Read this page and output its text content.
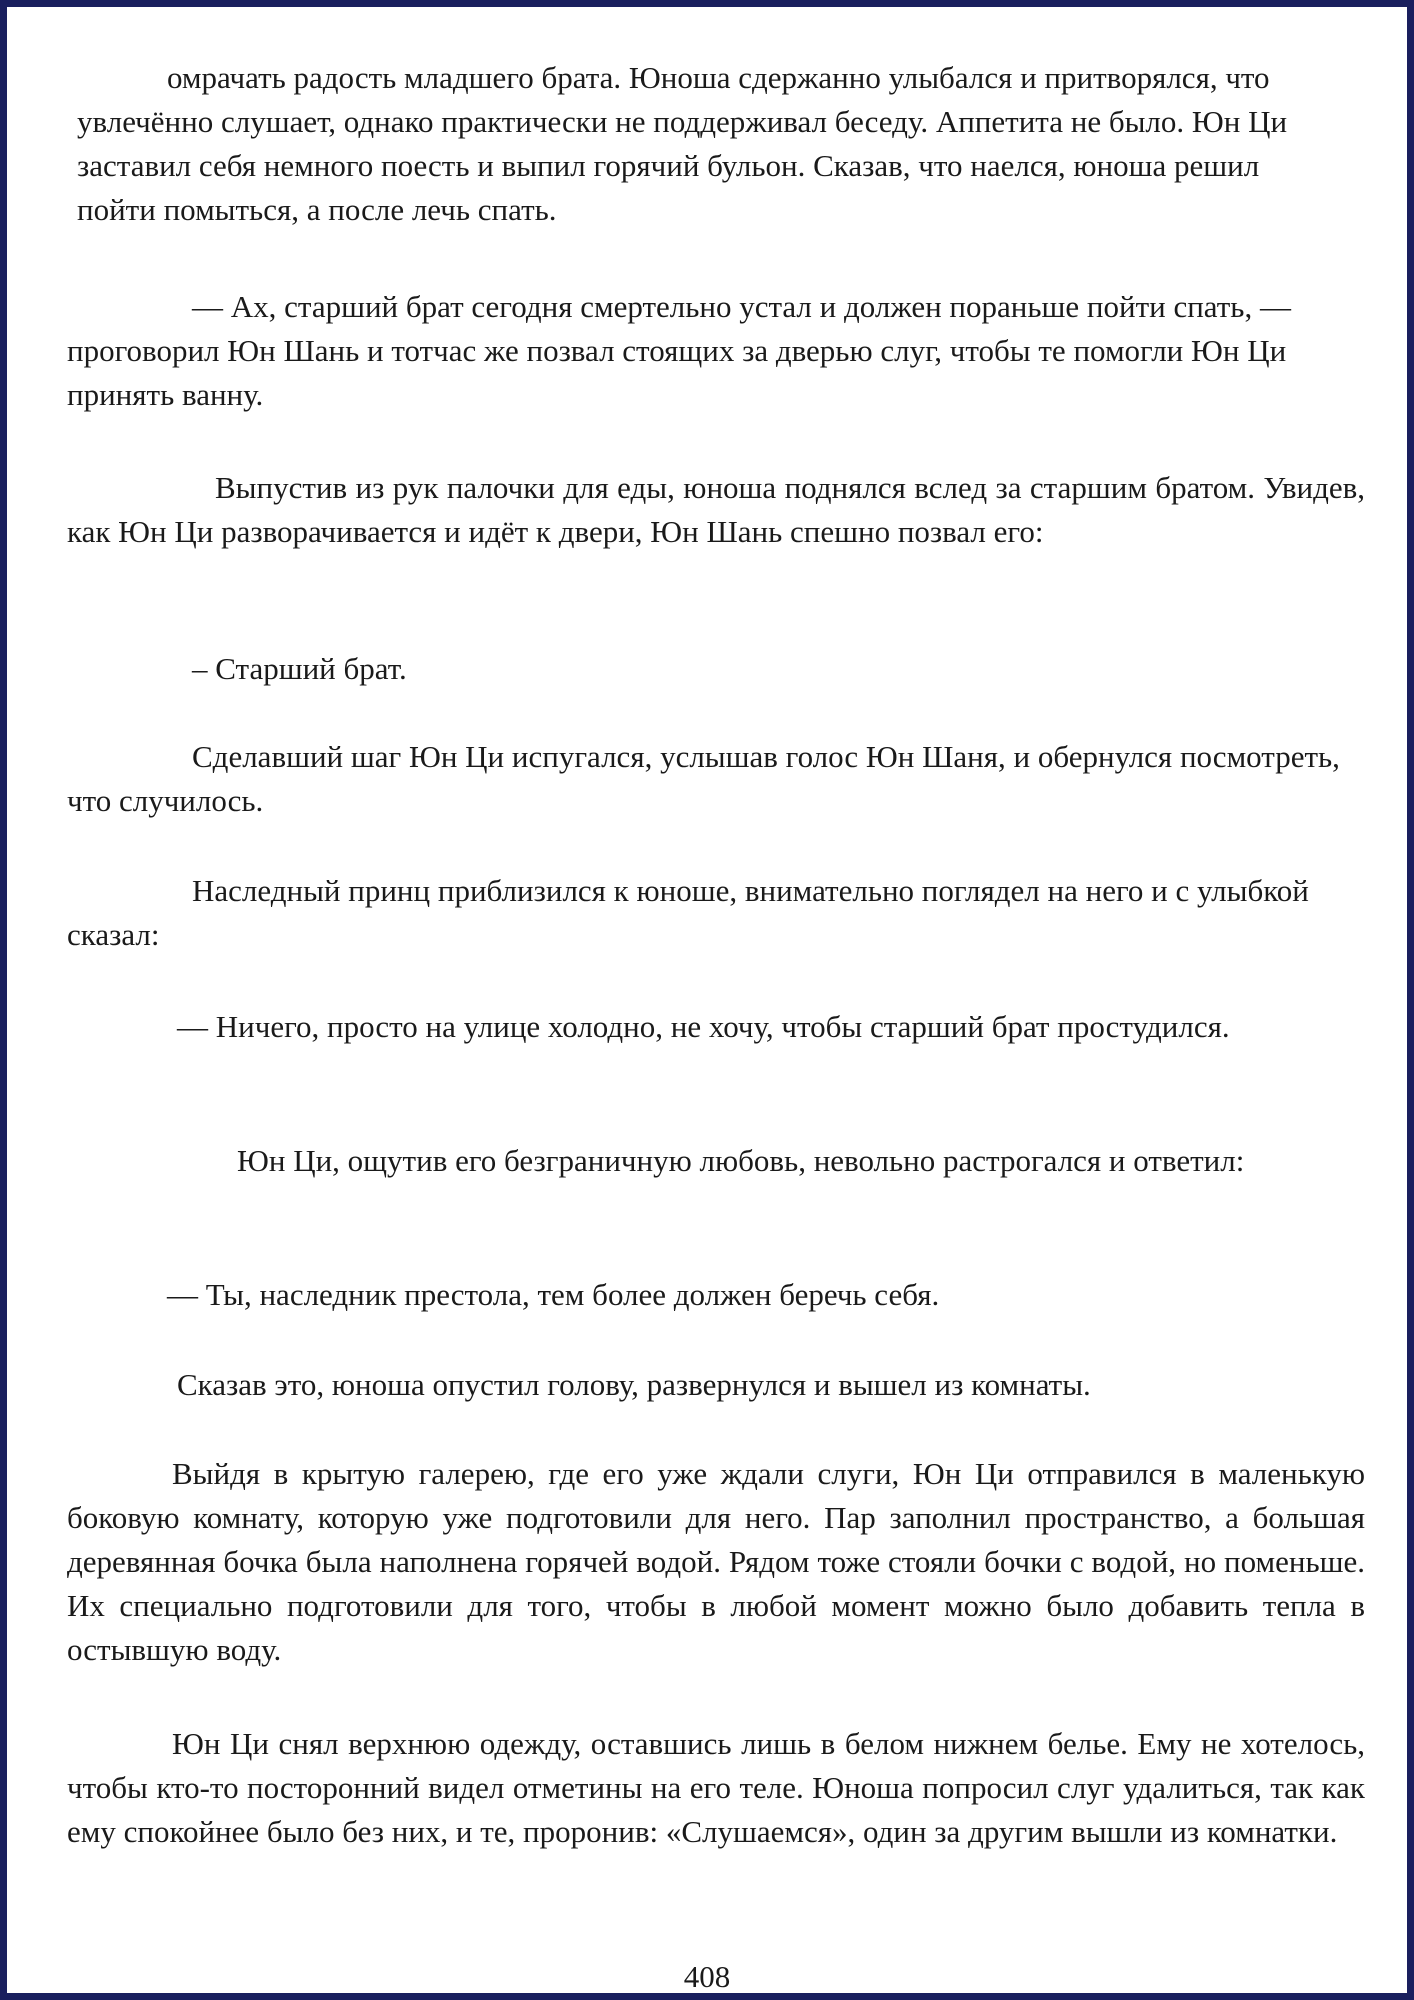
омрачать радость младшего брата. Юноша сдержанно улыбался и притворялся, что увлечённо слушает, однако практически не поддерживал беседу. Аппетита не было. Юн Ци заставил себя немного поесть и выпил горячий бульон. Сказав, что наелся, юноша решил пойти помыться, а после лечь спать.

— Ах, старший брат сегодня смертельно устал и должен пораньше пойти спать, — проговорил Юн Шань и тотчас же позвал стоящих за дверью слуг, чтобы те помогли Юн Ци принять ванну.

Выпустив из рук палочки для еды, юноша поднялся вслед за старшим братом. Увидев, как Юн Ци разворачивается и идёт к двери, Юн Шань спешно позвал его:

– Старший брат.

Сделавший шаг Юн Ци испугался, услышав голос Юн Шаня, и обернулся посмотреть, что случилось.

Наследный принц приблизился к юноше, внимательно поглядел на него и с улыбкой сказал:

— Ничего, просто на улице холодно, не хочу, чтобы старший брат простудился.

Юн Ци, ощутив его безграничную любовь, невольно растрогался и ответил:

— Ты, наследник престола, тем более должен беречь себя.

Сказав это, юноша опустил голову, развернулся и вышел из комнаты.

Выйдя в крытую галерею, где его уже ждали слуги, Юн Ци отправился в маленькую боковую комнату, которую уже подготовили для него. Пар заполнил пространство, а большая деревянная бочка была наполнена горячей водой. Рядом тоже стояли бочки с водой, но поменьше. Их специально подготовили для того, чтобы в любой момент можно было добавить тепла в остывшую воду.

Юн Ци снял верхнюю одежду, оставшись лишь в белом нижнем белье. Ему не хотелось, чтобы кто-то посторонний видел отметины на его теле. Юноша попросил слуг удалиться, так как ему спокойнее было без них, и те, проронив: «Слушаемся», один за другим вышли из комнатки.

408
